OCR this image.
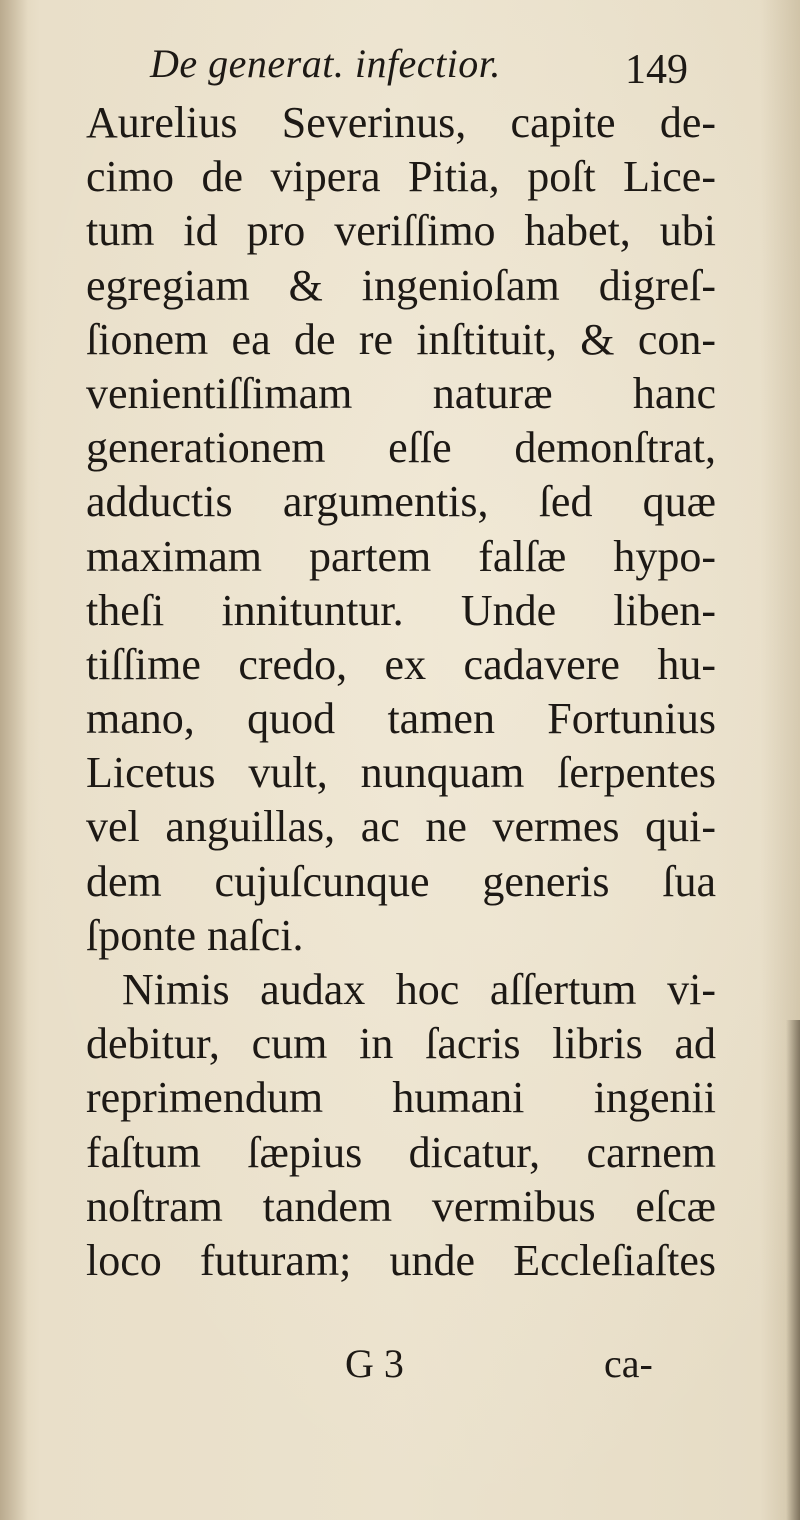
De generat. infectior.	149
Aurelius Severinus, capite de-
cimo de vipera Pitia, poſt Lice-
tum id pro veriſſimo habet, ubi
egregiam & ingenioſam digreſ-
ſionem ea de re inſtituit, & con-
venientiſſimam naturæ hanc
generationem eſſe demonſtrat,
adductis argumentis, ſed quæ
maximam partem falſæ hypo-
theſi innituntur. Unde liben-
tiſſime credo, ex cadavere hu-
mano, quod tamen Fortunius
Licetus vult, nunquam ſerpentes
vel anguillas, ac ne vermes qui-
dem cujuſcunque generis ſua
ſponte naſci.
Nimis audax hoc aſſertum vi-
debitur, cum in ſacris libris ad
reprimendum humani ingenii
faſtum ſæpius dicatur, carnem
noſtram tandem vermibus eſcæ
loco futuram; unde Eccleſiaſtes
G 3	ca-
